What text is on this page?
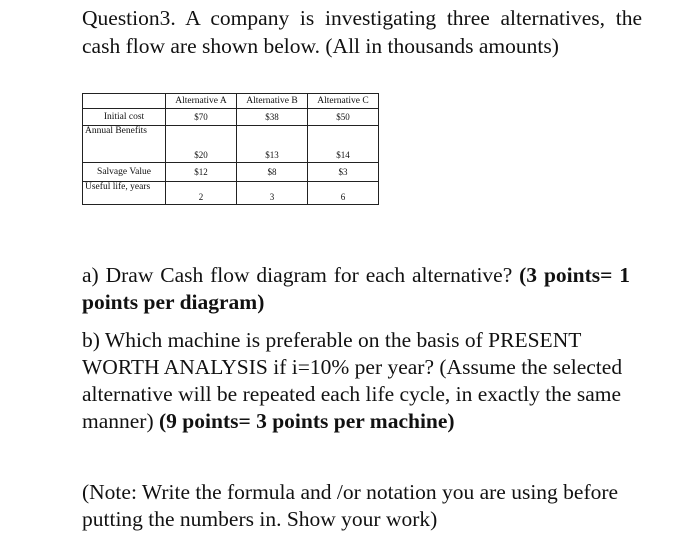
Question3. A company is investigating three alternatives, the cash flow are shown below. (All in thousands amounts)
	Alternative A	Alternative B	Alternative C
Initial cost	$70	$38	$50
Annual Benefits	$20	$13	$14
Salvage Value	$12	$8	$3
Useful life, years	2	3	6
a) Draw Cash flow diagram for each alternative? (3 points= 1 points per diagram)
b) Which machine is preferable on the basis of PRESENT WORTH ANALYSIS if i=10% per year? (Assume the selected alternative will be repeated each life cycle, in exactly the same manner) (9 points= 3 points per machine)
(Note: Write the formula and /or notation you are using before putting the numbers in. Show your work)
